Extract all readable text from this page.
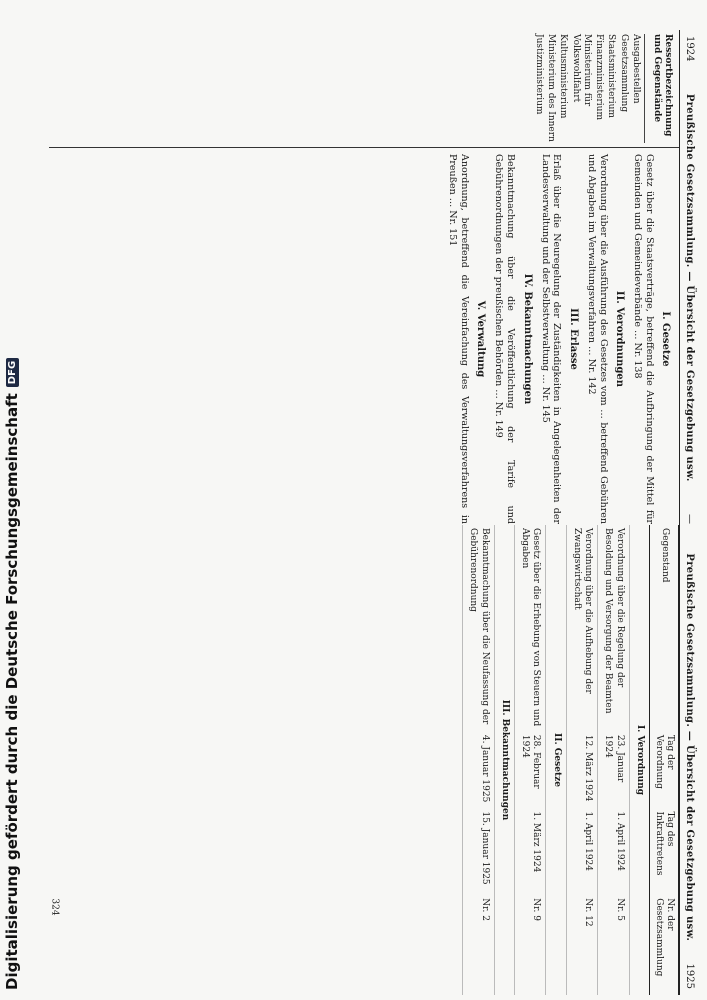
1924
Preußische Gesetzsammlung. — Übersicht der Gesetzgebung usw.
—
Ressortbezeichnung und Gegenstände
Ausgabestellen
Gesetzsammlung
Staatsministerium
Finanzministerium
Ministerium für Volkswohlfahrt
Kultusministerium
Ministerium des Innern
Justizministerium
I. Gesetze

Gesetz über die Staatsverträge, betreffend die Aufbringung der Mittel für Gemeinden und Gemeindeverbände … Nr. 138

II. Verordnungen

Verordnung über die Ausführung des Gesetzes vom … betreffend Gebühren und Abgaben im Verwaltungsverfahren … Nr. 142

III. Erlasse

Erlaß über die Neuregelung der Zuständigkeiten in Angelegenheiten der Landesverwaltung und der Selbstverwaltung … Nr. 145

IV. Bekanntmachungen

Bekanntmachung über die Veröffentlichung der Tarife und Gebührenordnungen der preußischen Behörden … Nr. 149

V. Verwaltung

Anordnung, betreffend die Vereinfachung des Verwaltungsverfahrens in Preußen … Nr. 151

Preußische Gesetzsammlung. — Übersicht der Gesetzgebung usw.
1925
Gegenstand	Tag der Verordnung	Tag des Inkrafttretens	Nr. der Gesetzsammlung
I. Verordnung			
Verordnung über die Regelung der Besoldung und Versorgung der Beamten	23. Januar 1924	1. April 1924	Nr. 5
Verordnung über die Aufhebung der Zwangswirtschaft	12. März 1924	1. April 1924	Nr. 12
II. Gesetze			
Gesetz über die Erhebung von Steuern und Abgaben	28. Februar 1924	1. März 1924	Nr. 9
III. Bekanntmachungen			
Bekanntmachung über die Neufassung der Gebührenordnung	4. Januar 1925	15. Januar 1925	Nr. 2
324
Digitalisierung gefördert durch die Deutsche Forschungsgemeinschaft
DFG
